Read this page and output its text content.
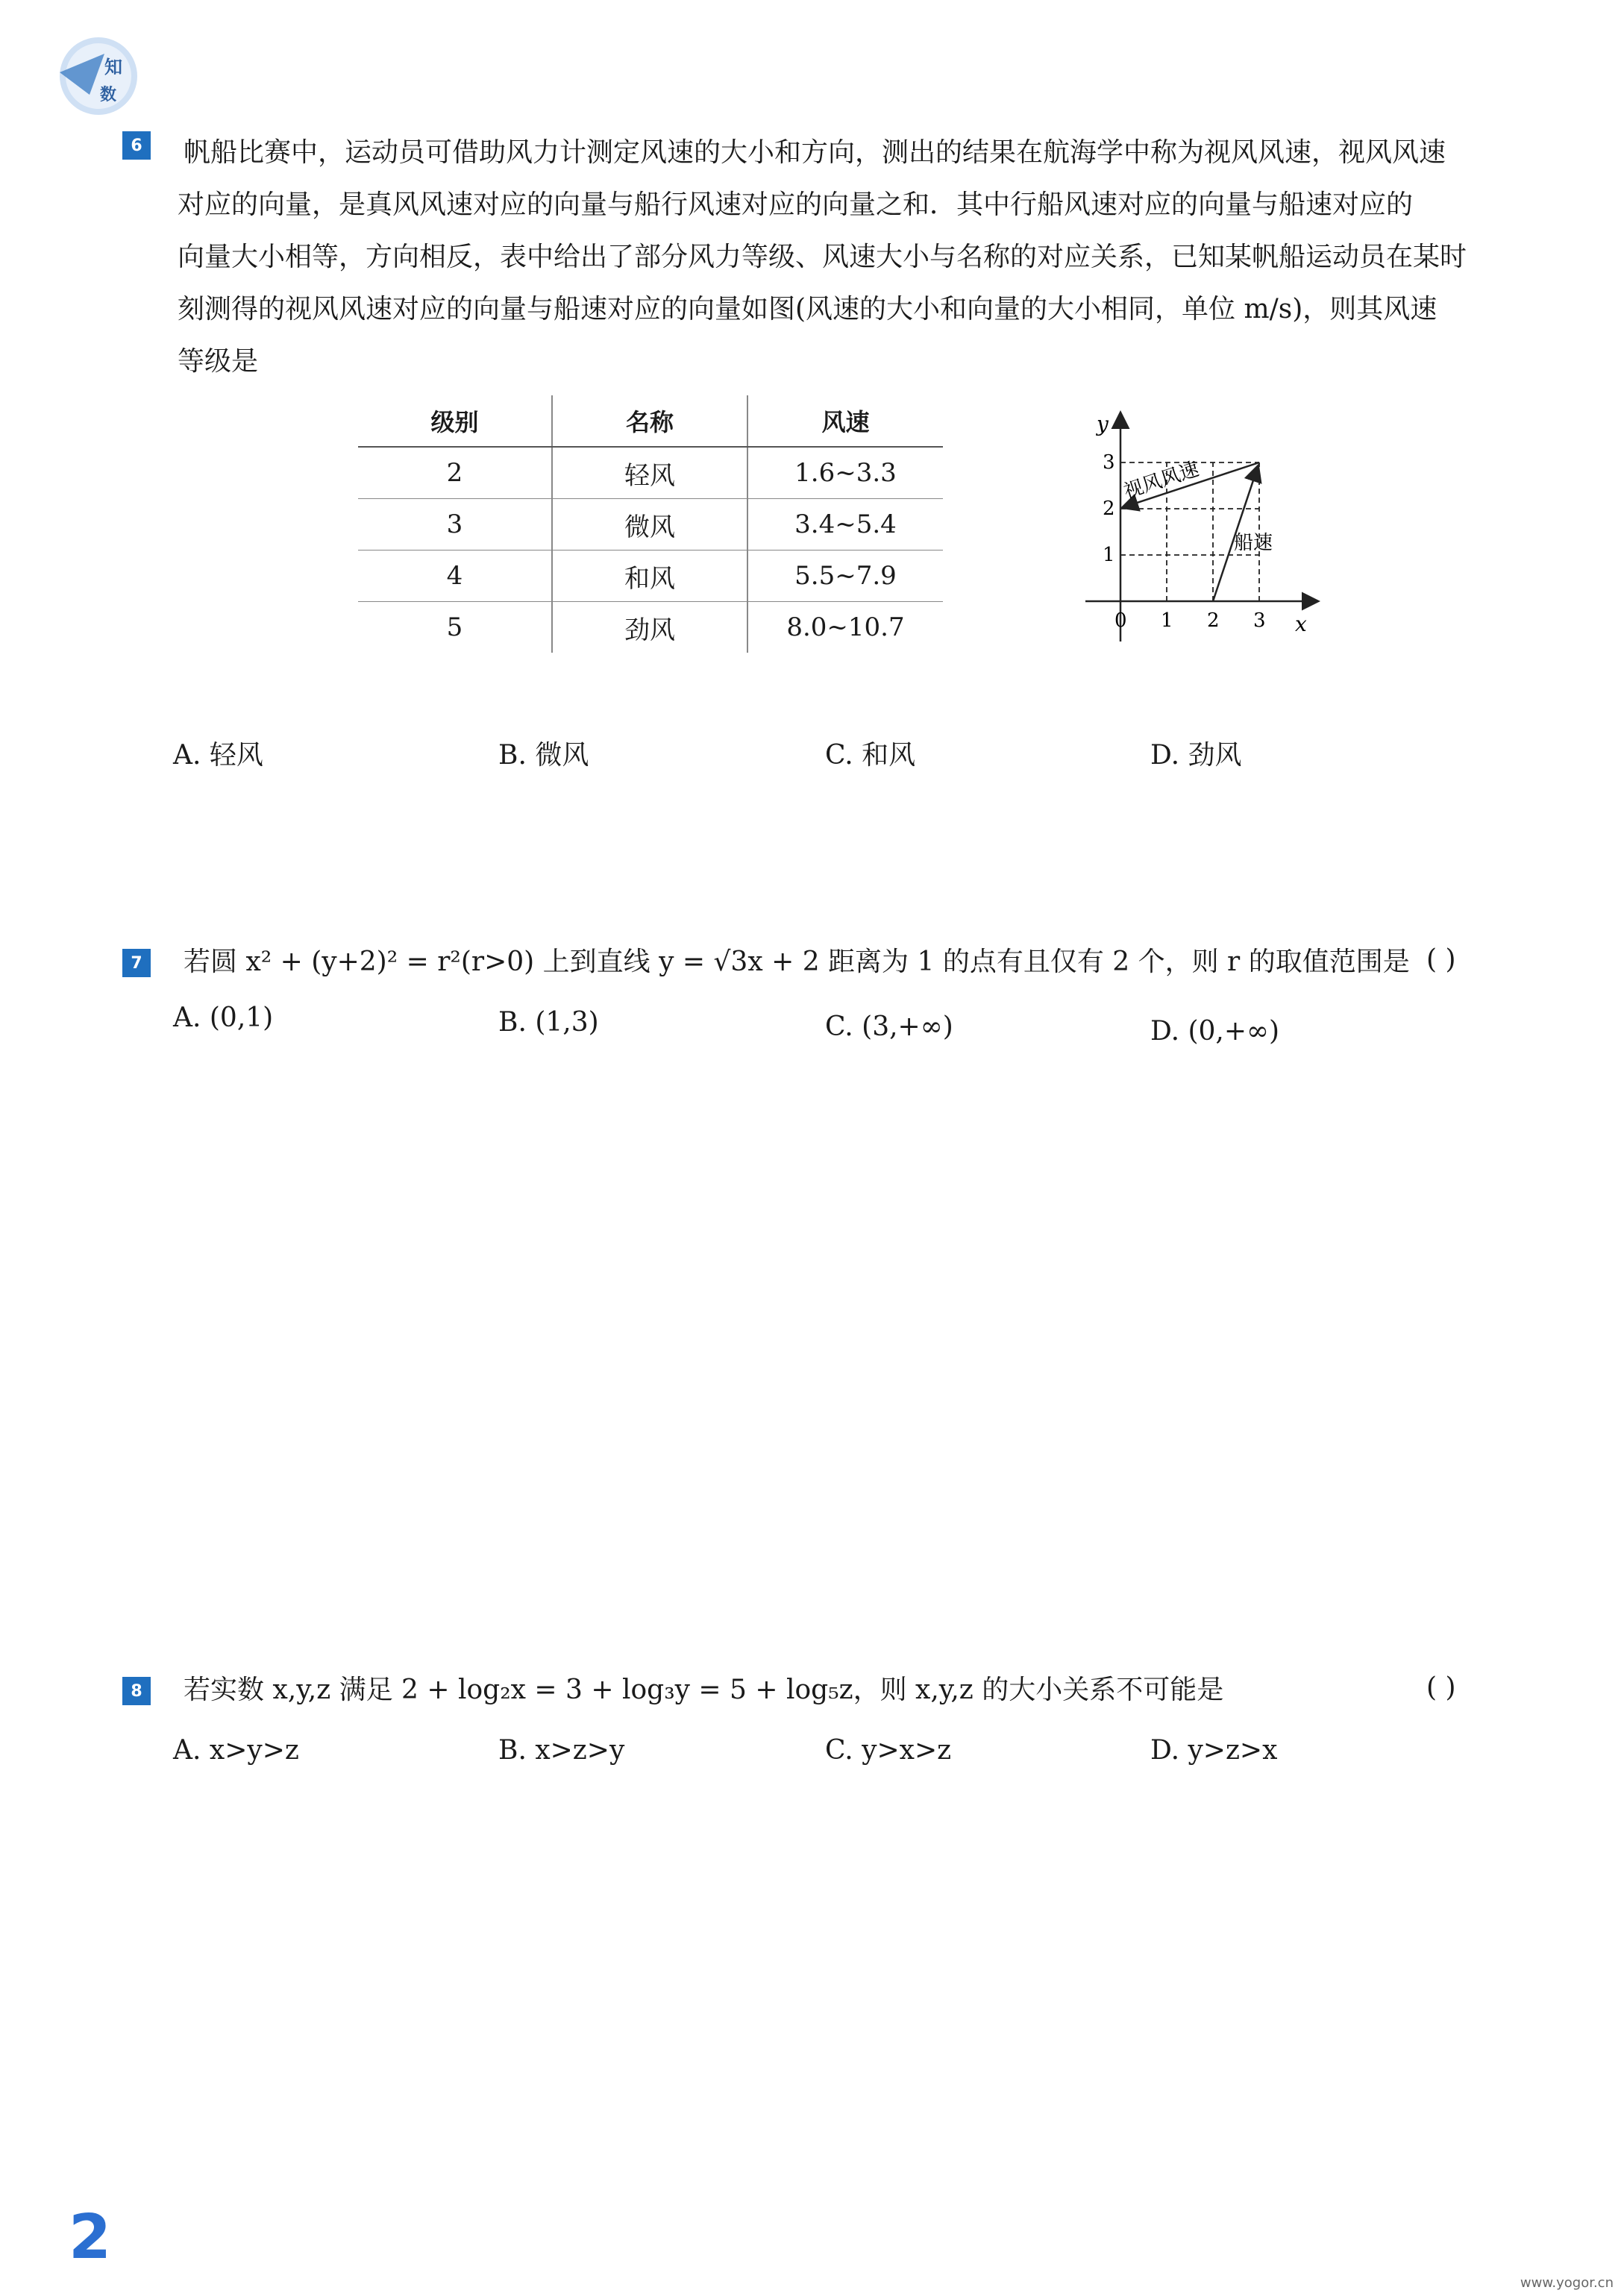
知
数
6	帆船比赛中，运动员可借助风力计测定风速的大小和方向，测出的结果在航海学中称为视风风速，视风风速
对应的向量，是真风风速对应的向量与船行风速对应的向量之和．其中行船风速对应的向量与船速对应的
向量大小相等，方向相反，表中给出了部分风力等级、风速大小与名称的对应关系，已知某帆船运动员在某时
刻测得的视风风速对应的向量与船速对应的向量如图(风速的大小和向量的大小相同，单位 m/s)，则其风速
等级是
级别	名称	风速
2	轻风	1.6~3.3
3	微风	3.4~5.4
4	和风	5.5~7.9
5	劲风	8.0~10.7
y
x
0 1 2 3
1
2
3 视风风速
船速
A. 轻风	B. 微风	C. 和风	D. 劲风
7	若圆 x² + (y+2)² = r²(r>0) 上到直线 y = √3x + 2 距离为 1 的点有且仅有 2 个，则 r 的取值范围是 ( )
A. (0,1)	B. (1,3)	C. (3,+∞)	D. (0,+∞)
8	若实数 x,y,z 满足 2 + log₂x = 3 + log₃y = 5 + log₅z，则 x,y,z 的大小关系不可能是	( )
A. x>y>z	B. x>z>y	C. y>x>z	D. y>z>x
2
www.yogor.cn
